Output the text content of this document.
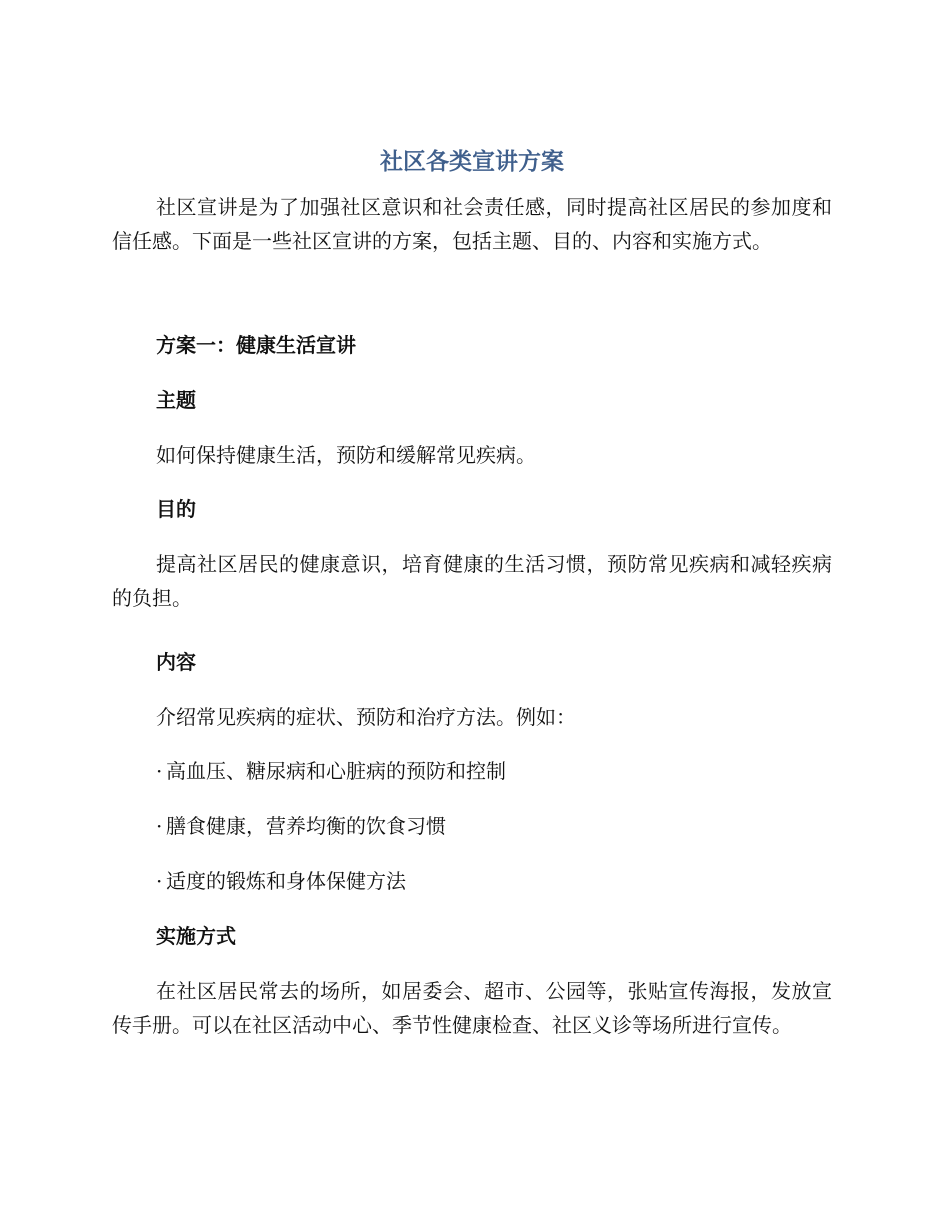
社区各类宣讲方案

社区宣讲是为了加强社区意识和社会责任感，同时提高社区居民的参加度和信任感。下面是一些社区宣讲的方案，包括主题、目的、内容和实施方式。

方案一：健康生活宣讲
主题

如何保持健康生活，预防和缓解常见疾病。

目的

提高社区居民的健康意识，培育健康的生活习惯，预防常见疾病和减轻疾病的负担。

内容

介绍常见疾病的症状、预防和治疗方法。例如：

· 高血压、糖尿病和心脏病的预防和控制
· 膳食健康，营养均衡的饮食习惯
· 适度的锻炼和身体保健方法
实施方式

在社区居民常去的场所，如居委会、超市、公园等，张贴宣传海报，发放宣传手册。可以在社区活动中心、季节性健康检查、社区义诊等场所进行宣传。
